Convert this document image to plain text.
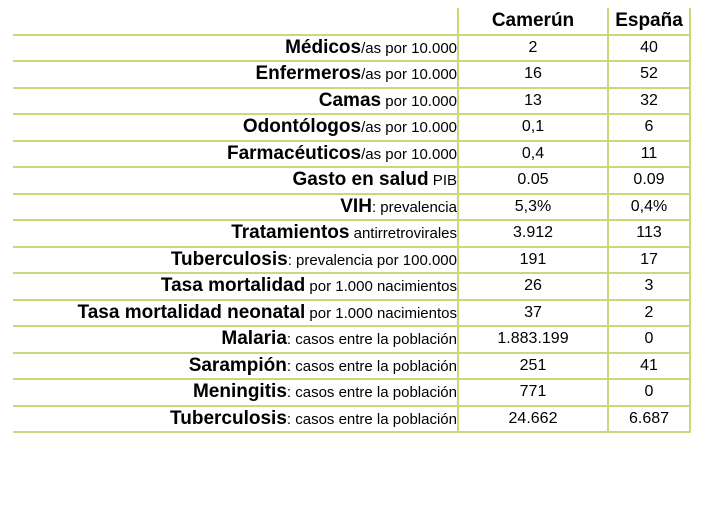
	Camerún	España
Médicos/as por 10.000	2	40
Enfermeros/as por 10.000	16	52
Camas por 10.000	13	32
Odontólogos/as por 10.000	0,1	6
Farmacéuticos/as por 10.000	0,4	11
Gasto en salud PIB	0.05	0.09
VIH: prevalencia	5,3%	0,4%
Tratamientos antirretrovirales	3.912	113
Tuberculosis: prevalencia por 100.000	191	17
Tasa mortalidad por 1.000 nacimientos	26	3
Tasa mortalidad neonatal por 1.000 nacimientos	37	2
Malaria: casos entre la población	1.883.199	0
Sarampión: casos entre la población	251	41
Meningitis: casos entre la población	771	0
Tuberculosis: casos entre la población	24.662	6.687
